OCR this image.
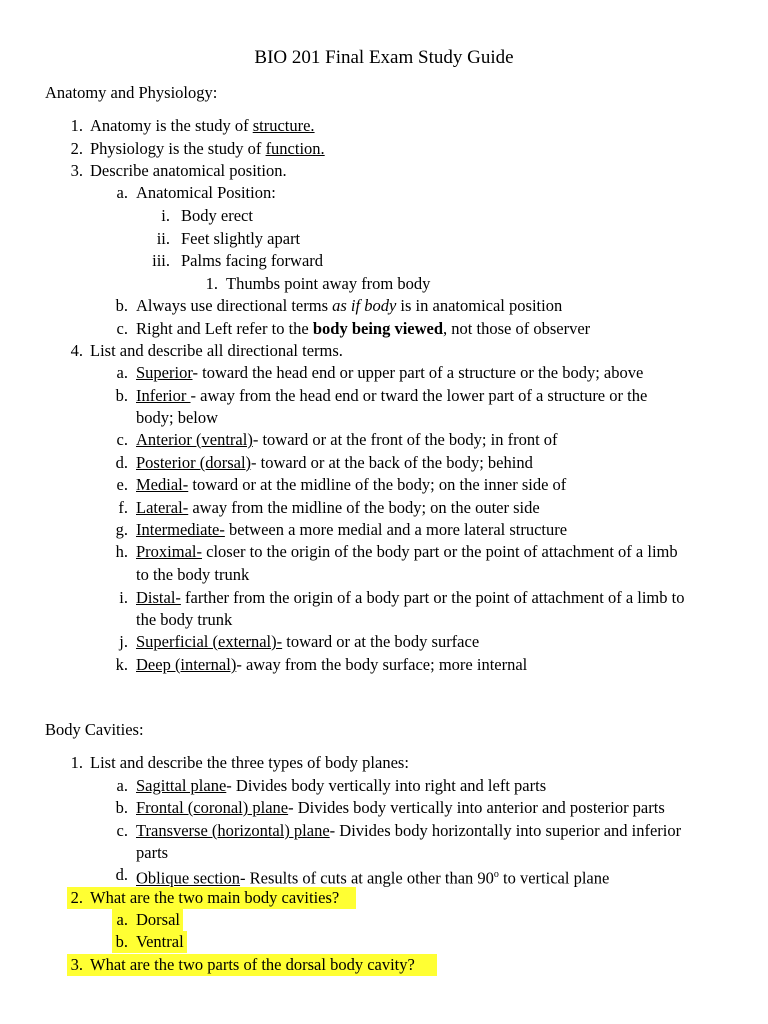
BIO 201 Final Exam Study Guide
Anatomy and Physiology:
1. Anatomy is the study of structure.
2. Physiology is the study of function.
3. Describe anatomical position.
a. Anatomical Position:
i. Body erect
ii. Feet slightly apart
iii. Palms facing forward
1. Thumbs point away from body
b. Always use directional terms as if body is in anatomical position
c. Right and Left refer to the body being viewed, not those of observer
4. List and describe all directional terms.
a. Superior- toward the head end or upper part of a structure or the body; above
b. Inferior - away from the head end or tward the lower part of a structure or the
body; below
c. Anterior (ventral)- toward or at the front of the body; in front of
d. Posterior (dorsal)- toward or at the back of the body; behind
e. Medial- toward or at the midline of the body; on the inner side of
f. Lateral- away from the midline of the body; on the outer side
g. Intermediate- between a more medial and a more lateral structure
h. Proximal- closer to the origin of the body part or the point of attachment of a limb
to the body trunk
i. Distal- farther from the origin of a body part or the point of attachment of a limb to
the body trunk
j. Superficial (external)- toward or at the body surface
k. Deep (internal)- away from the body surface; more internal
Body Cavities:
1. List and describe the three types of body planes:
a. Sagittal plane- Divides body vertically into right and left parts
b. Frontal (coronal) plane- Divides body vertically into anterior and posterior parts
c. Transverse (horizontal) plane- Divides body horizontally into superior and inferior
parts
d. Oblique section- Results of cuts at angle other than 90$^o$ to vertical plane
2. What are the two main body cavities?
a. Dorsal
b. Ventral
3. What are the two parts of the dorsal body cavity?
